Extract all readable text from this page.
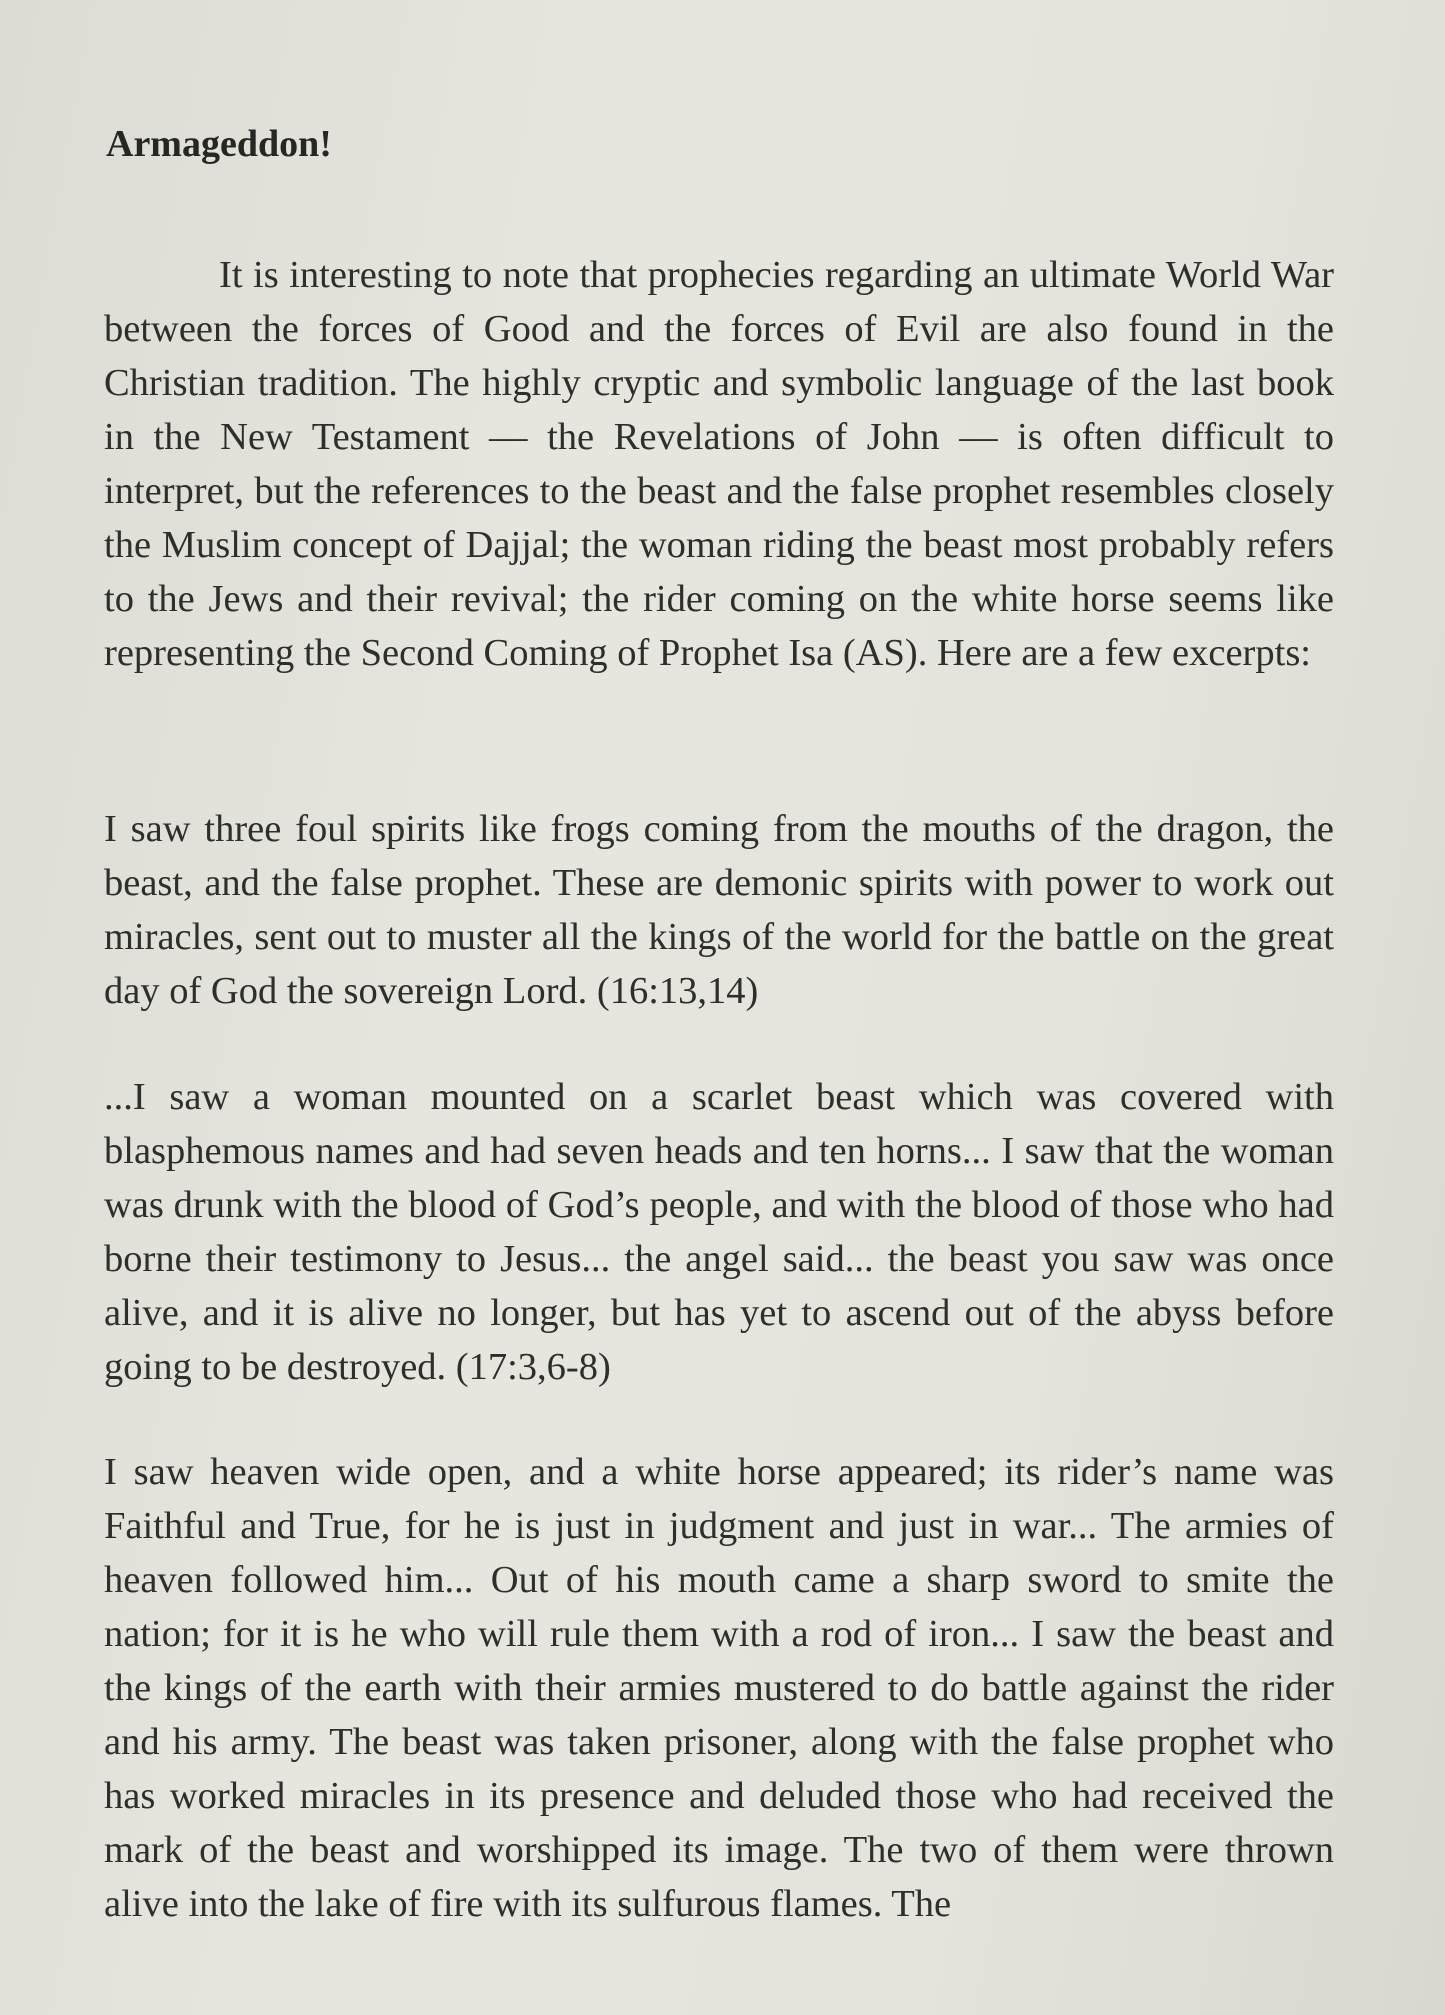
Armageddon!

It is interesting to note that prophecies regarding an ultimate World War between the forces of Good and the forces of Evil are also found in the Christian tradition. The highly cryptic and symbolic language of the last book in the New Testament — the Revelations of John — is often difficult to interpret, but the references to the beast and the false prophet resembles closely the Muslim concept of Dajjal; the woman riding the beast most probably refers to the Jews and their revival; the rider coming on the white horse seems like representing the Second Coming of Prophet Isa (AS). Here are a few excerpts:

I saw three foul spirits like frogs coming from the mouths of the dragon, the beast, and the false prophet. These are demonic spirits with power to work out miracles, sent out to muster all the kings of the world for the battle on the great day of God the sovereign Lord. (16:13,14)

...I saw a woman mounted on a scarlet beast which was covered with blasphemous names and had seven heads and ten horns... I saw that the woman was drunk with the blood of God’s people, and with the blood of those who had borne their testimony to Jesus... the angel said... the beast you saw was once alive, and it is alive no longer, but has yet to ascend out of the abyss before going to be destroyed. (17:3,6-8)

I saw heaven wide open, and a white horse appeared; its rider’s name was Faithful and True, for he is just in judgment and just in war... The armies of heaven followed him... Out of his mouth came a sharp sword to smite the nation; for it is he who will rule them with a rod of iron... I saw the beast and the kings of the earth with their armies mustered to do battle against the rider and his army. The beast was taken prisoner, along with the false prophet who has worked miracles in its presence and deluded those who had received the mark of the beast and worshipped its image. The two of them were thrown alive into the lake of fire with its sulfurous flames. The
